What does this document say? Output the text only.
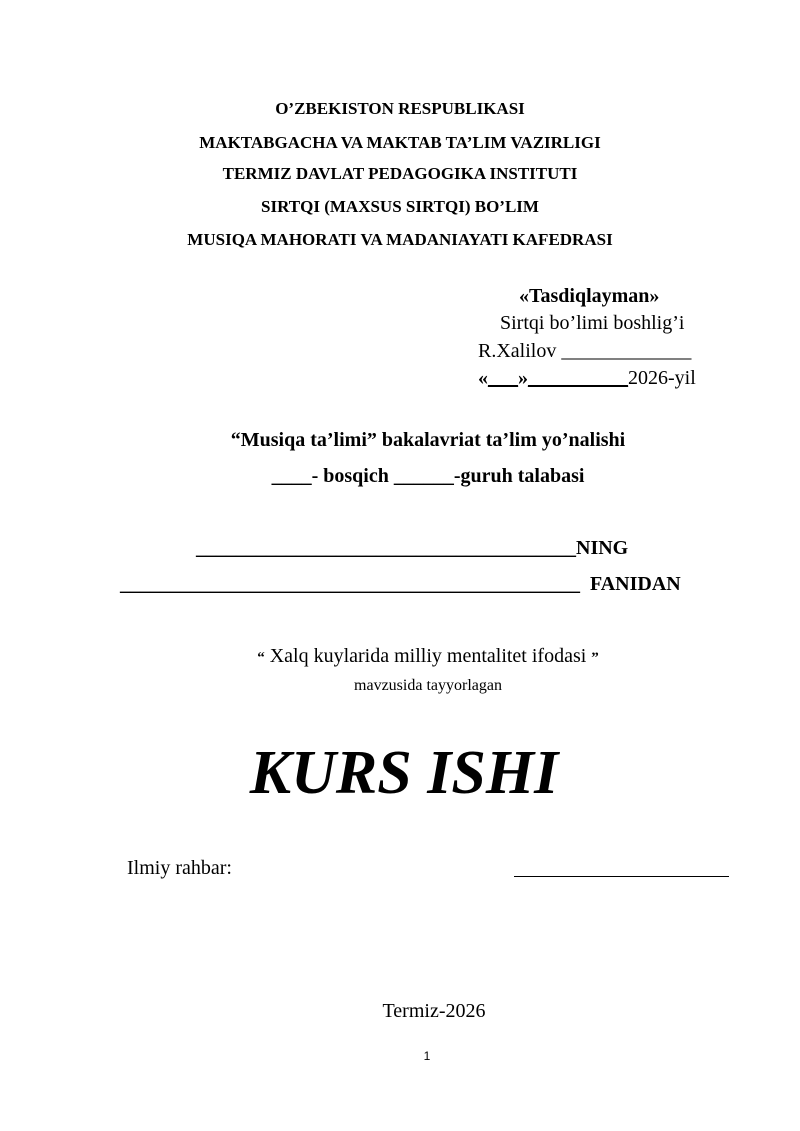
O’ZBEKISTON RESPUBLIKASI
MAKTABGACHA VA MAKTAB TA’LIM VAZIRLIGI
TERMIZ DAVLAT PEDAGOGIKA INSTITUTI
SIRTQI (MAXSUS SIRTQI) BO’LIM
MUSIQA MAHORATI VA MADANIAYATI KAFEDRASI
«Tasdiqlayman»
Sirtqi bo’limi boshlig’i
R.Xalilov _____________
«___»__________2026-yil
“Musiqa ta’limi” bakalavriat ta’lim yo’nalishi
____- bosqich ______-guruh talabasi
______________________________________NING
______________________________________________ FANIDAN
“ Xalq kuylarida milliy mentalitet ifodasi ”
mavzusida tayyorlagan
KURS ISHI
Ilmiy rahbar:
Termiz-2026
1
